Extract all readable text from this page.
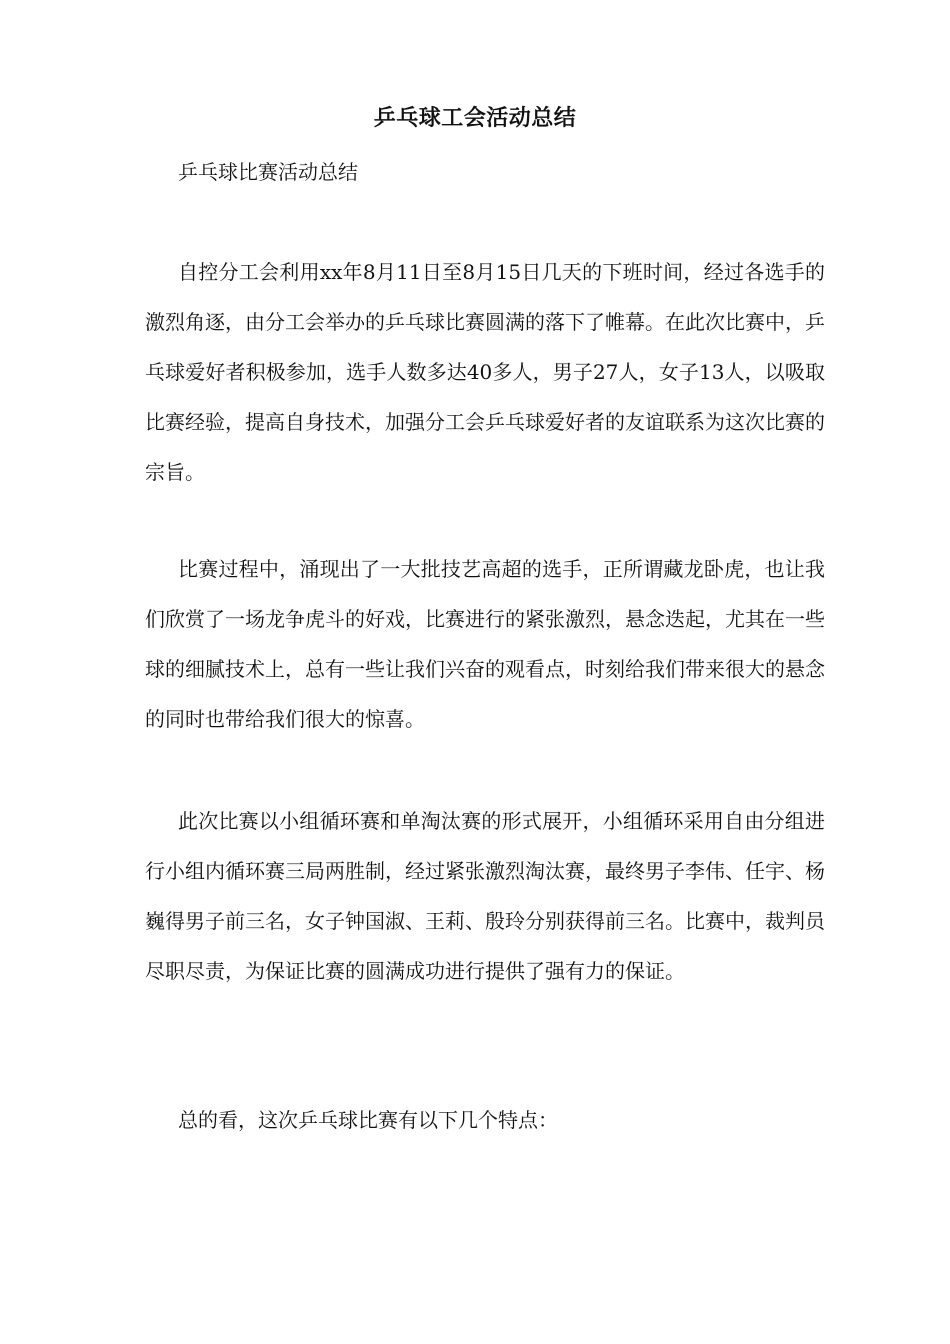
乒乓球工会活动总结
乒乓球比赛活动总结

自控分工会利用xx年8月11日至8月15日几天的下班时间，经过各选手的激烈角逐，由分工会举办的乒乓球比赛圆满的落下了帷幕。在此次比赛中，乒乓球爱好者积极参加，选手人数多达40多人，男子27人，女子13人，以吸取比赛经验，提高自身技术，加强分工会乒乓球爱好者的友谊联系为这次比赛的宗旨。

比赛过程中，涌现出了一大批技艺高超的选手，正所谓藏龙卧虎，也让我们欣赏了一场龙争虎斗的好戏，比赛进行的紧张激烈，悬念迭起，尤其在一些球的细腻技术上，总有一些让我们兴奋的观看点，时刻给我们带来很大的悬念的同时也带给我们很大的惊喜。

此次比赛以小组循环赛和单淘汰赛的形式展开，小组循环采用自由分组进行小组内循环赛三局两胜制，经过紧张激烈淘汰赛，最终男子李伟、任宇、杨巍得男子前三名，女子钟国淑、王莉、殷玲分别获得前三名。比赛中，裁判员尽职尽责，为保证比赛的圆满成功进行提供了强有力的保证。

总的看，这次乒乓球比赛有以下几个特点：
